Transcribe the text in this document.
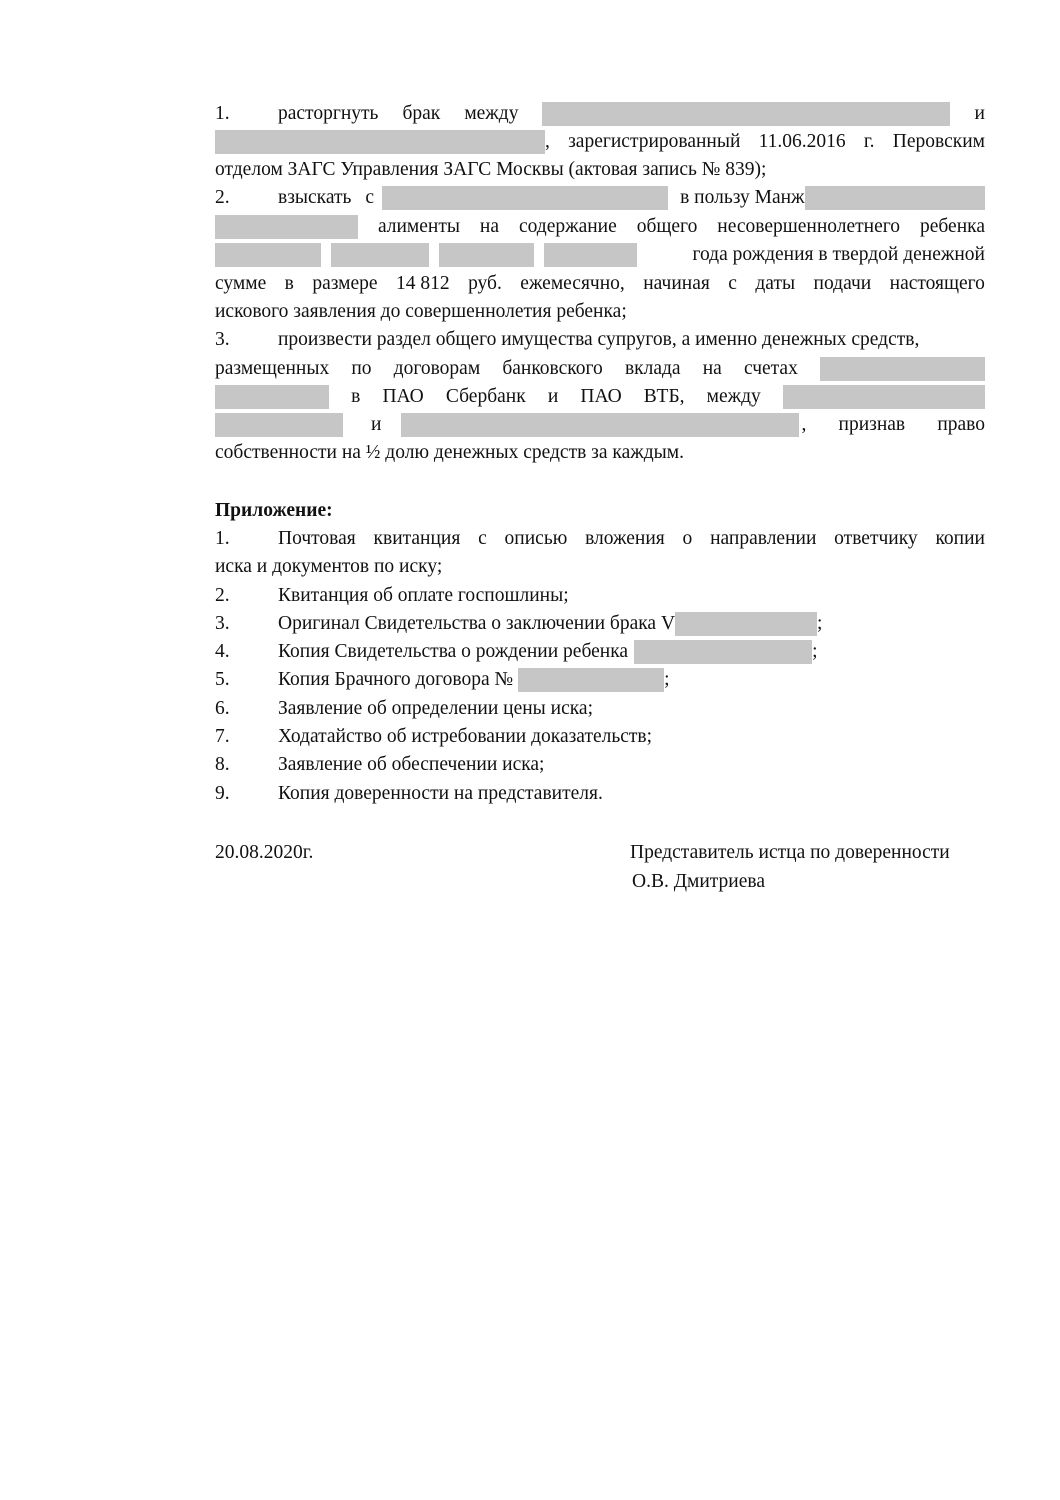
1. расторгнуть брак между	и
, зарегистрированный 11.06.2016 г. Перовским
отделом ЗАГС Управления ЗАГС Москвы (актовая запись № 839);
2. взыскать с	в пользу Манж
алименты на содержание общего несовершеннолетнего ребенка
года рождения в твердой денежной
сумме в размере 14 812 руб. ежемесячно, начиная с даты подачи настоящего
искового заявления до совершеннолетия ребенка;
3. произвести раздел общего имущества супругов, а именно денежных средств,
размещенных по договорам банковского вклада на счетах
в ПАО Сбербанк и ПАО ВТБ, между
и	, признав право
собственности на ½ долю денежных средств за каждым.
Приложение:
1. Почтовая квитанция с описью вложения о направлении ответчику копии
иска и документов по иску;
2. Квитанция об оплате госпошлины;
3. Оригинал Свидетельства о заключении брака V	;
4. Копия Свидетельства о рождении ребенка	;
5. Копия Брачного договора №	;
6. Заявление об определении цены иска;
7. Ходатайство об истребовании доказательств;
8. Заявление об обеспечении иска;
9. Копия доверенности на представителя.
20.08.2020г.	Представитель истца по доверенности
О.В. Дмитриева
